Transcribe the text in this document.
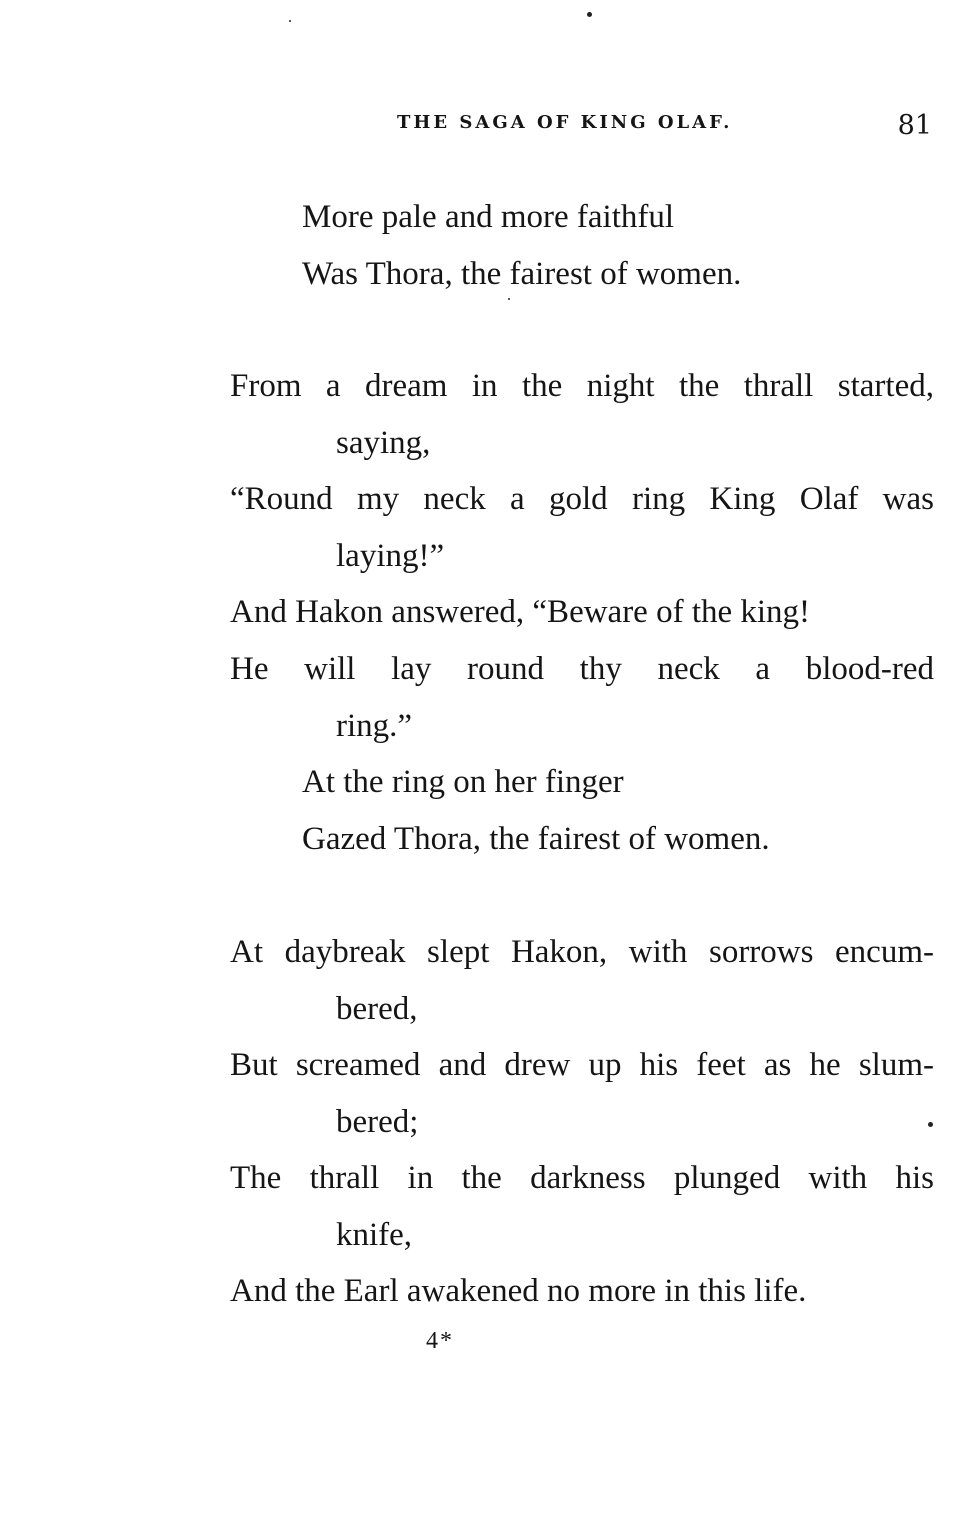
THE SAGA OF KING OLAF.	81
More pale and more faithful
Was Thora, the fairest of women.
From a dream in the night the thrall started,
saying,
“Round my neck a gold ring King Olaf was
laying!”
And Hakon answered, “Beware of the king!
He will lay round thy neck a blood-red
ring.”
At the ring on her finger
Gazed Thora, the fairest of women.
At daybreak slept Hakon, with sorrows encum-
bered,
But screamed and drew up his feet as he slum-
bered;
The thrall in the darkness plunged with his
knife,
And the Earl awakened no more in this life.
4*
